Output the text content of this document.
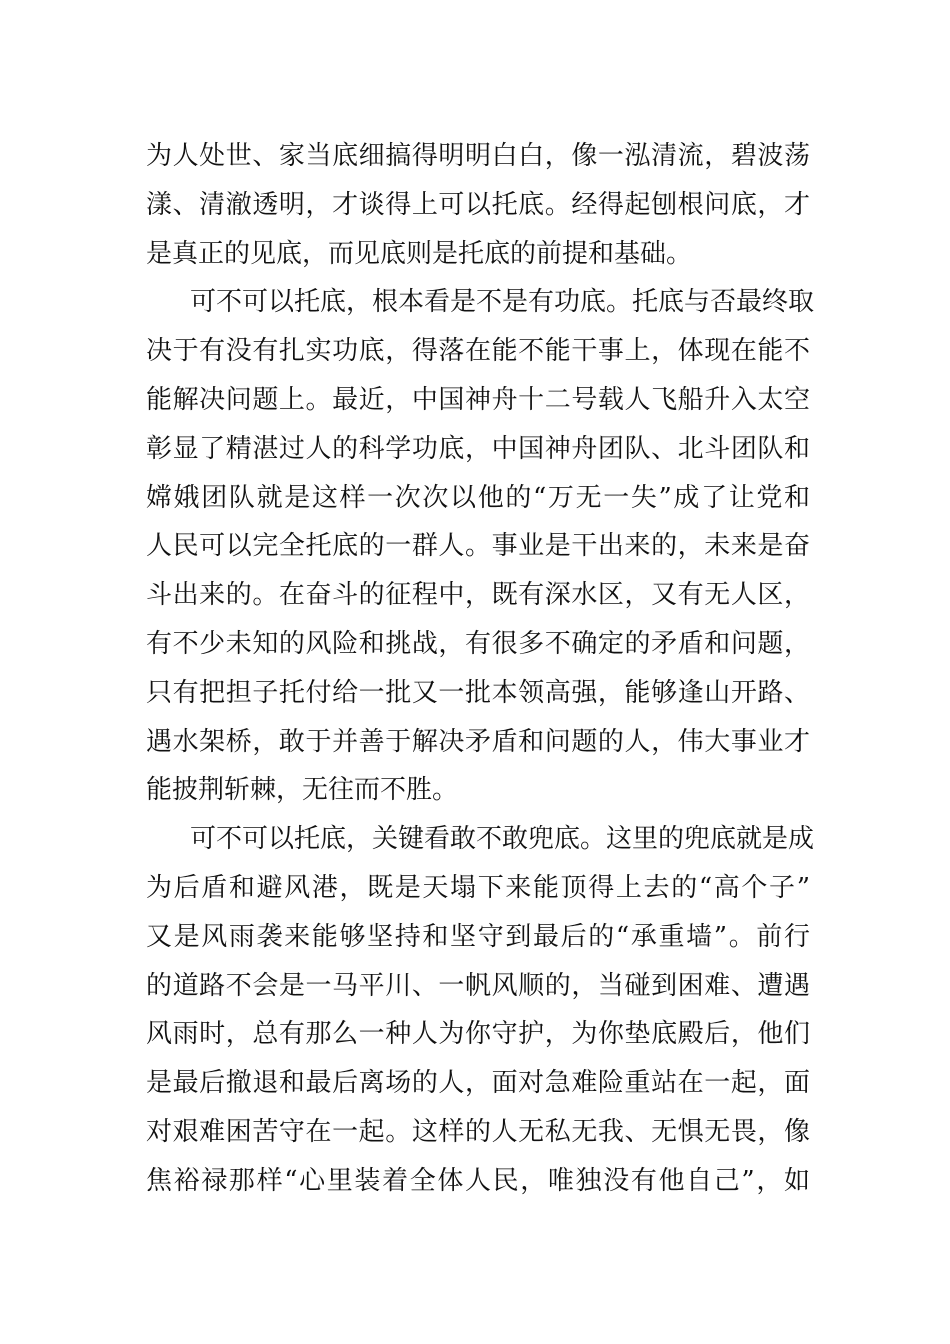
为人处世、家当底细搞得明明白白，像一泓清流，碧波荡
漾、清澈透明，才谈得上可以托底。经得起刨根问底，才
是真正的见底，而见底则是托底的前提和基础。
可不可以托底，根本看是不是有功底。托底与否最终取
决于有没有扎实功底，得落在能不能干事上，体现在能不
能解决问题上。最近，中国神舟十二号载人飞船升入太空
彰显了精湛过人的科学功底，中国神舟团队、北斗团队和
嫦娥团队就是这样一次次以他的“万无一失”成了让党和
人民可以完全托底的一群人。事业是干出来的，未来是奋
斗出来的。在奋斗的征程中，既有深水区，又有无人区，
有不少未知的风险和挑战，有很多不确定的矛盾和问题，
只有把担子托付给一批又一批本领高强，能够逢山开路、
遇水架桥，敢于并善于解决矛盾和问题的人，伟大事业才
能披荆斩棘，无往而不胜。
可不可以托底，关键看敢不敢兜底。这里的兜底就是成
为后盾和避风港，既是天塌下来能顶得上去的“高个子”
又是风雨袭来能够坚持和坚守到最后的“承重墙”。前行
的道路不会是一马平川、一帆风顺的，当碰到困难、遭遇
风雨时，总有那么一种人为你守护，为你垫底殿后，他们
是最后撤退和最后离场的人，面对急难险重站在一起，面
对艰难困苦守在一起。这样的人无私无我、无惧无畏，像
焦裕禄那样“心里装着全体人民，唯独没有他自己”，如
